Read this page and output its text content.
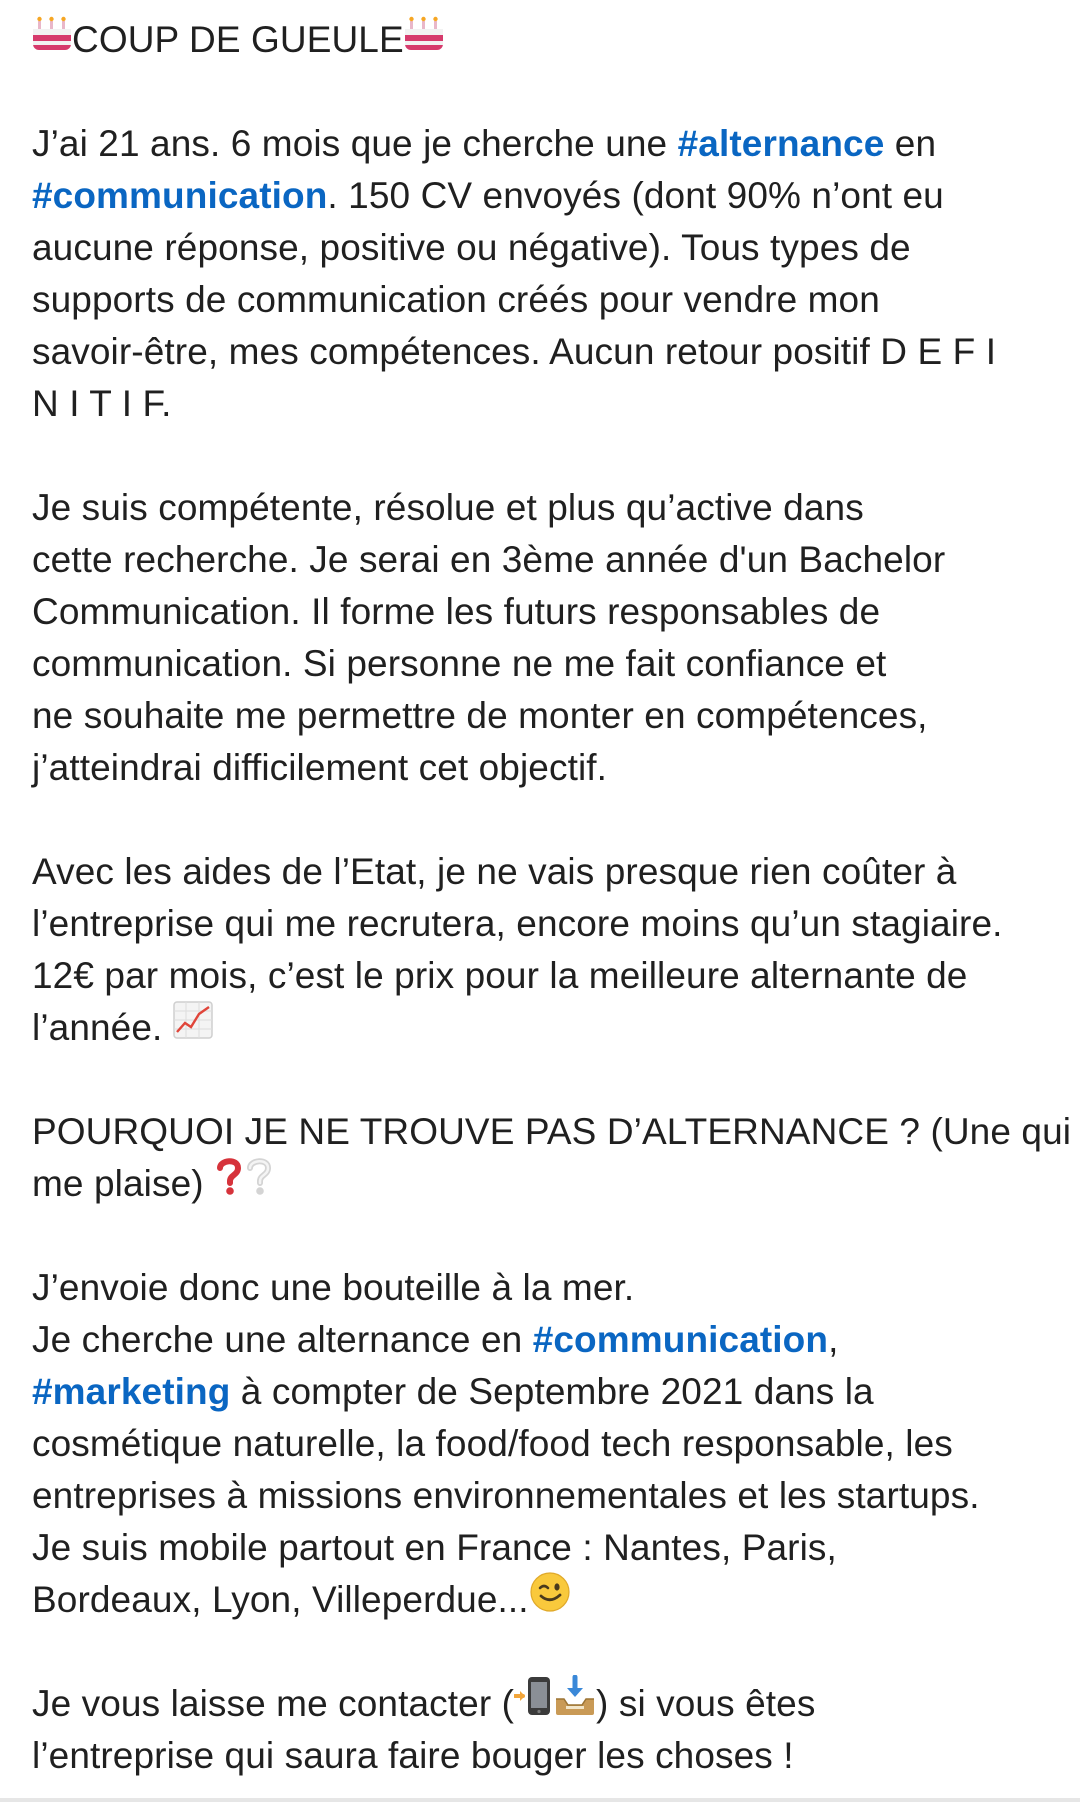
COUP DE GUEULE
J’ai 21 ans. 6 mois que je cherche une #alternance en
#communication. 150 CV envoyés (dont 90% n’ont eu
aucune réponse, positive ou négative). Tous types de
supports de communication créés pour vendre mon
savoir-être, mes compétences. Aucun retour positif D E F I
N I T I F.
Je suis compétente, résolue et plus qu’active dans
cette recherche. Je serai en 3ème année d'un Bachelor
Communication. Il forme les futurs responsables de
communication. Si personne ne me fait confiance et
ne souhaite me permettre de monter en compétences,
j’atteindrai difficilement cet objectif.
Avec les aides de l’Etat, je ne vais presque rien coûter à
l’entreprise qui me recrutera, encore moins qu’un stagiaire.
12€ par mois, c’est le prix pour la meilleure alternante de
l’année.
POURQUOI JE NE TROUVE PAS D’ALTERNANCE ? (Une qui
me plaise)
J’envoie donc une bouteille à la mer.
Je cherche une alternance en #communication,
#marketing à compter de Septembre 2021 dans la
cosmétique naturelle, la food/food tech responsable, les
entreprises à missions environnementales et les startups.
Je suis mobile partout en France : Nantes, Paris,
Bordeaux, Lyon, Villeperdue...
Je vous laisse me contacter ( ) si vous êtes
l’entreprise qui saura faire bouger les choses !
